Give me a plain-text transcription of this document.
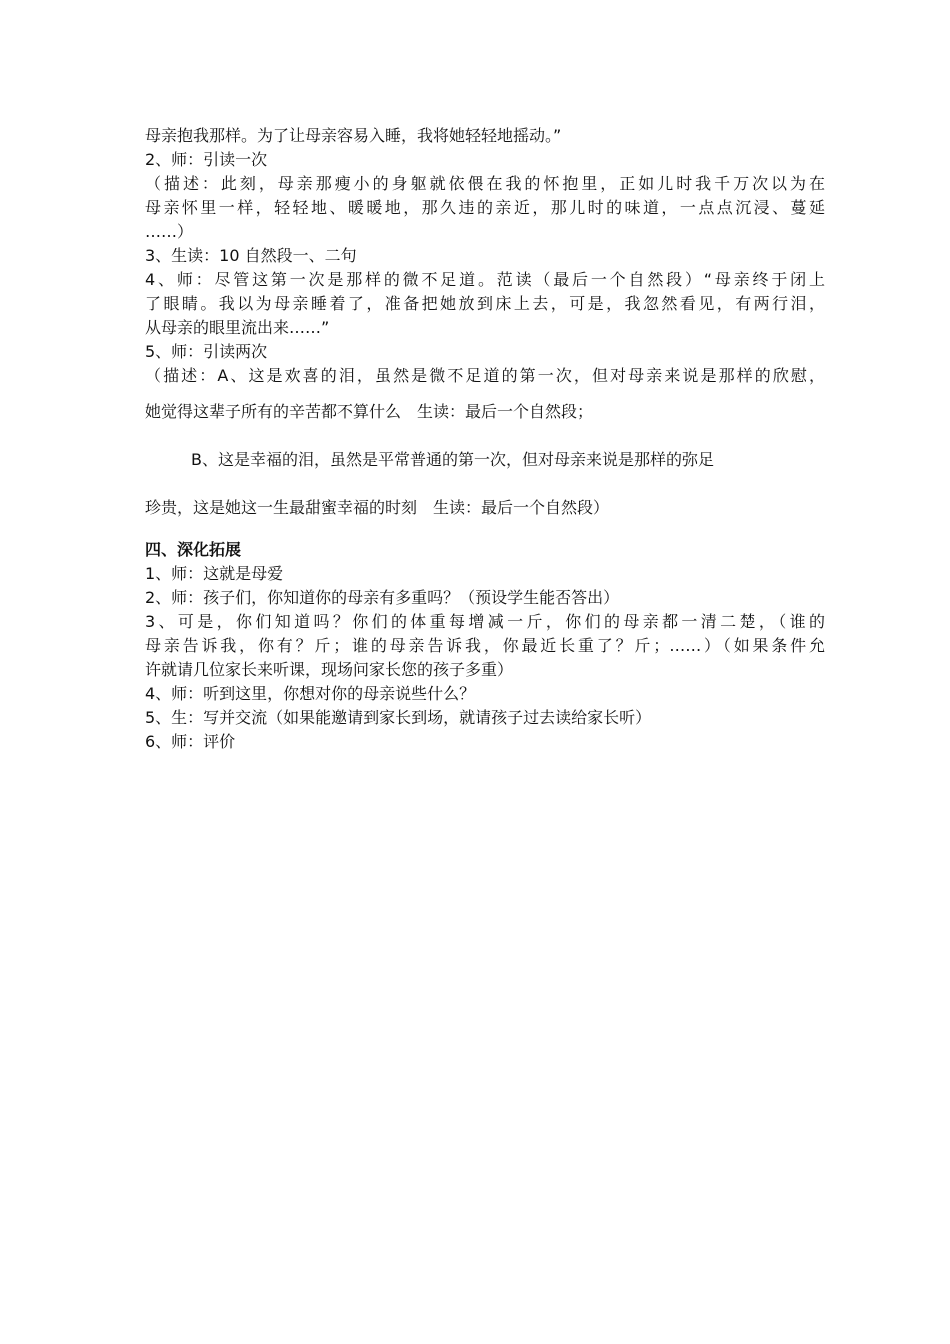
母亲抱我那样。为了让母亲容易入睡，我将她轻轻地摇动。”
2、师：引读一次
（描述：此刻，母亲那瘦小的身躯就依偎在我的怀抱里，正如儿时我千万次以为在
母亲怀里一样，轻轻地、暖暖地，那久违的亲近，那儿时的味道，一点点沉浸、蔓延
……）
3、生读：10 自然段一、二句
4、师：尽管这第一次是那样的微不足道。范读（最后一个自然段）“母亲终于闭上
了眼睛。我以为母亲睡着了，准备把她放到床上去，可是，我忽然看见，有两行泪，
从母亲的眼里流出来……”
5、师：引读两次
（描述：A、这是欢喜的泪，虽然是微不足道的第一次，但对母亲来说是那样的欣慰，
她觉得这辈子所有的辛苦都不算什么　生读：最后一个自然段；
B、这是幸福的泪，虽然是平常普通的第一次，但对母亲来说是那样的弥足
珍贵，这是她这一生最甜蜜幸福的时刻　生读：最后一个自然段）
四、深化拓展
1、师：这就是母爱
2、师：孩子们，你知道你的母亲有多重吗？（预设学生能否答出）
3、可是，你们知道吗？你们的体重每增减一斤，你们的母亲都一清二楚，（谁的
母亲告诉我，你有？斤；谁的母亲告诉我，你最近长重了？斤；……）（如果条件允
许就请几位家长来听课，现场问家长您的孩子多重）
4、师：听到这里，你想对你的母亲说些什么？
5、生：写并交流（如果能邀请到家长到场，就请孩子过去读给家长听）
6、师：评价
